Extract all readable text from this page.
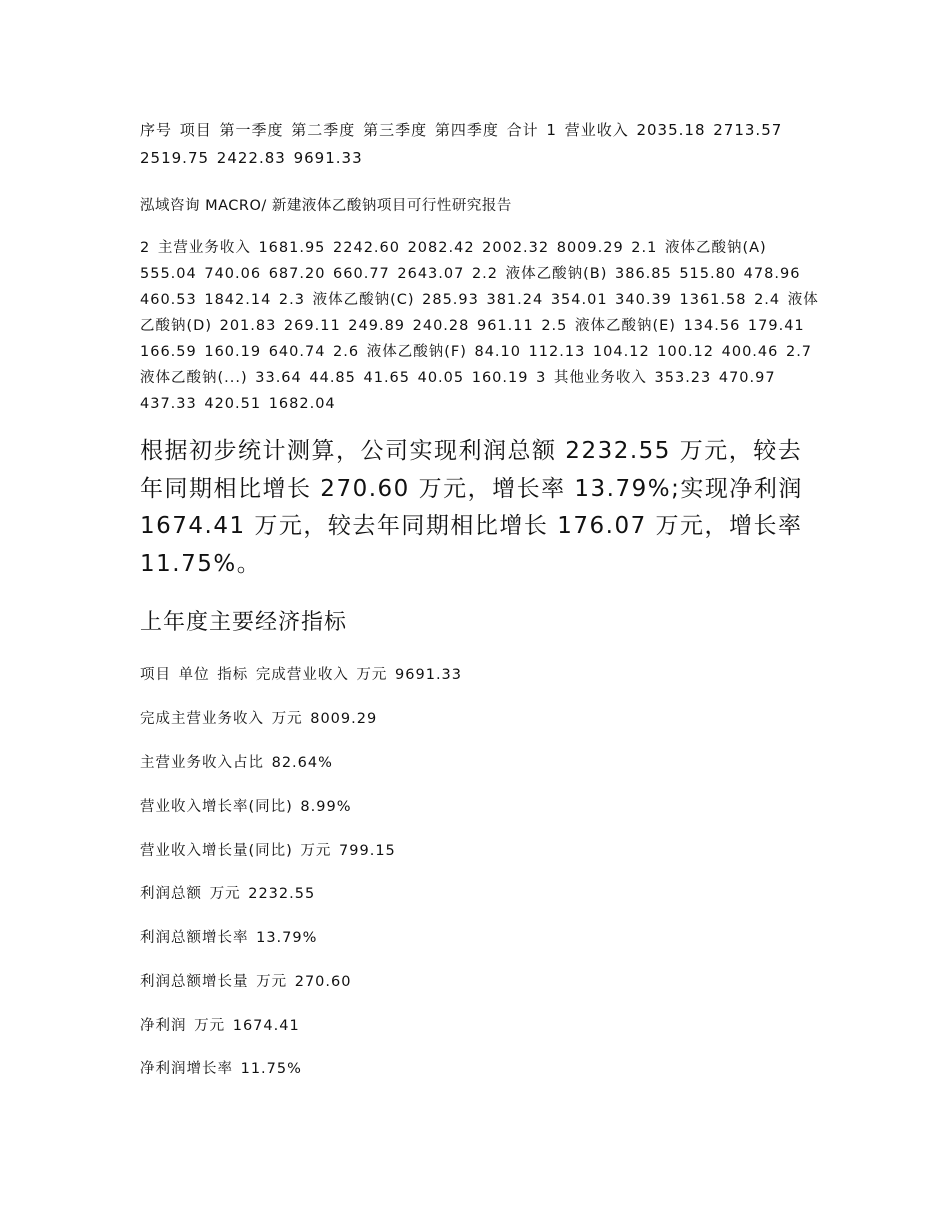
序号 项目 第一季度 第二季度 第三季度 第四季度 合计 1 营业收入 2035.18 2713.57 2519.75 2422.83 9691.33

泓域咨询 MACRO/ 新建液体乙酸钠项目可行性研究报告

2 主营业务收入 1681.95 2242.60 2082.42 2002.32 8009.29 2.1 液体乙酸钠(A) 555.04 740.06 687.20 660.77 2643.07 2.2 液体乙酸钠(B) 386.85 515.80 478.96 460.53 1842.14 2.3 液体乙酸钠(C) 285.93 381.24 354.01 340.39 1361.58 2.4 液体乙酸钠(D) 201.83 269.11 249.89 240.28 961.11 2.5 液体乙酸钠(E) 134.56 179.41 166.59 160.19 640.74 2.6 液体乙酸钠(F) 84.10 112.13 104.12 100.12 400.46 2.7 液体乙酸钠(...) 33.64 44.85 41.65 40.05 160.19 3 其他业务收入 353.23 470.97 437.33 420.51 1682.04

根据初步统计测算，公司实现利润总额 2232.55 万元，较去年同期相比增长 270.60 万元，增长率 13.79%;实现净利润 1674.41 万元，较去年同期相比增长 176.07 万元，增长率 11.75%。

上年度主要经济指标

项目 单位 指标 完成营业收入 万元 9691.33

完成主营业务收入 万元 8009.29

主营业务收入占比 82.64%

营业收入增长率(同比) 8.99%

营业收入增长量(同比) 万元 799.15

利润总额 万元 2232.55

利润总额增长率 13.79%

利润总额增长量 万元 270.60

净利润 万元 1674.41

净利润增长率 11.75%
